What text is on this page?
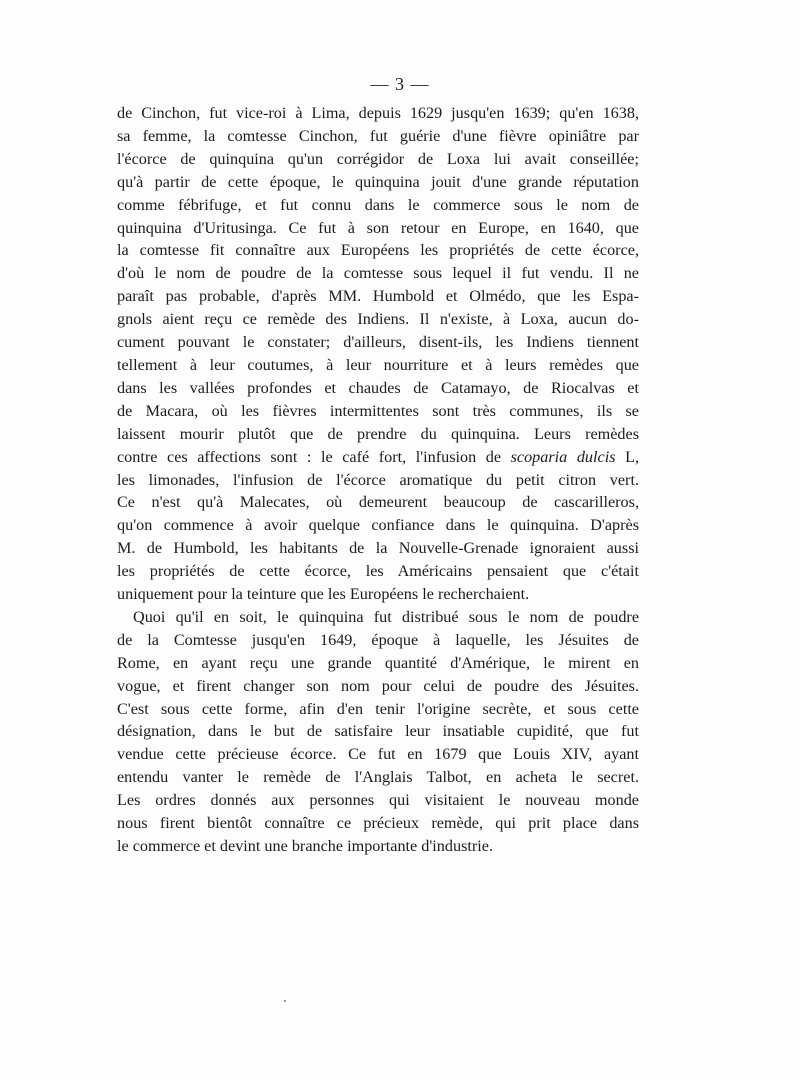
— 3 —
de Cinchon, fut vice-roi à Lima, depuis 1629 jusqu'en 1639; qu'en 1638,
sa femme, la comtesse Cinchon, fut guérie d'une fièvre opiniâtre par
l'écorce de quinquina qu'un corrégidor de Loxa lui avait conseillée;
qu'à partir de cette époque, le quinquina jouit d'une grande réputation
comme fébrifuge, et fut connu dans le commerce sous le nom de
quinquina d'Uritusinga. Ce fut à son retour en Europe, en 1640, que
la comtesse fit connaître aux Européens les propriétés de cette écorce,
d'où le nom de poudre de la comtesse sous lequel il fut vendu. Il ne
paraît pas probable, d'après MM. Humbold et Olmédo, que les Espa-
gnols aient reçu ce remède des Indiens. Il n'existe, à Loxa, aucun do-
cument pouvant le constater; d'ailleurs, disent-ils, les Indiens tiennent
tellement à leur coutumes, à leur nourriture et à leurs remèdes que
dans les vallées profondes et chaudes de Catamayo, de Riocalvas et
de Macara, où les fièvres intermittentes sont très communes, ils se
laissent mourir plutôt que de prendre du quinquina. Leurs remèdes
contre ces affections sont : le café fort, l'infusion de scoparia dulcis L,
les limonades, l'infusion de l'écorce aromatique du petit citron vert.
Ce n'est qu'à Malecates, où demeurent beaucoup de cascarilleros,
qu'on commence à avoir quelque confiance dans le quinquina. D'après
M. de Humbold, les habitants de la Nouvelle-Grenade ignoraient aussi
les propriétés de cette écorce, les Américains pensaient que c'était
uniquement pour la teinture que les Européens le recherchaient.
Quoi qu'il en soit, le quinquina fut distribué sous le nom de poudre
de la Comtesse jusqu'en 1649, époque à laquelle, les Jésuites de
Rome, en ayant reçu une grande quantité d'Amérique, le mirent en
vogue, et firent changer son nom pour celui de poudre des Jésuites.
C'est sous cette forme, afin d'en tenir l'origine secrète, et sous cette
désignation, dans le but de satisfaire leur insatiable cupidité, que fut
vendue cette précieuse écorce. Ce fut en 1679 que Louis XIV, ayant
entendu vanter le remède de l'Anglais Talbot, en acheta le secret.
Les ordres donnés aux personnes qui visitaient le nouveau monde
nous firent bientôt connaître ce précieux remède, qui prit place dans
le commerce et devint une branche importante d'industrie.
